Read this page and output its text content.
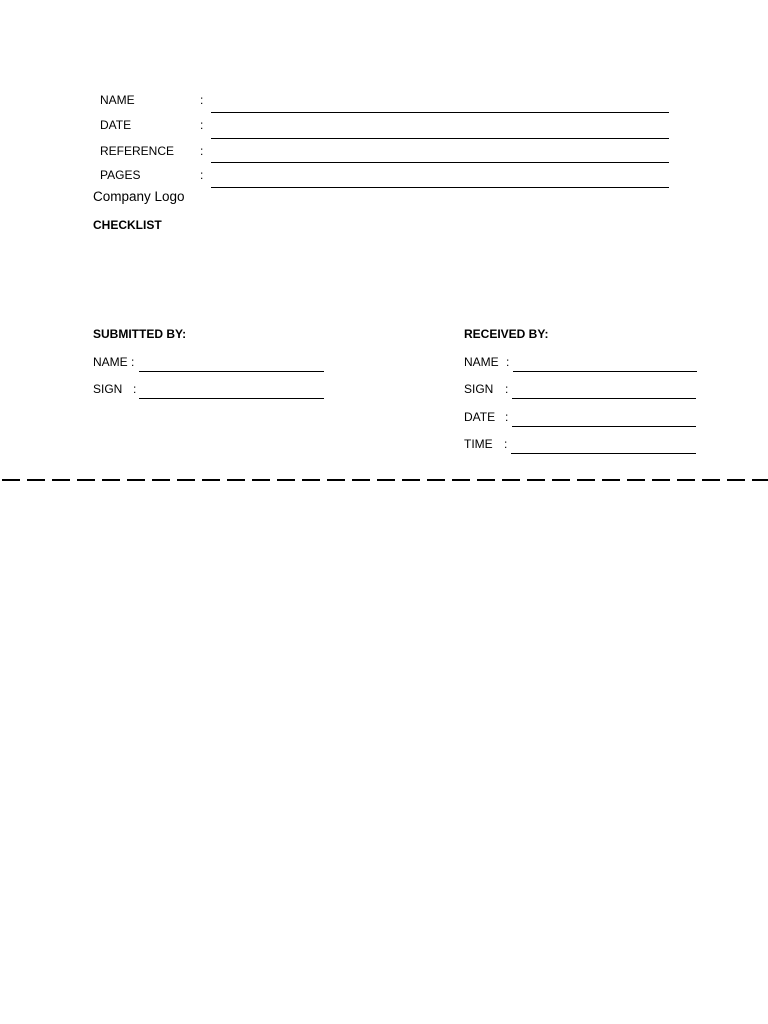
NAME	:
DATE	:
REFERENCE :
PAGES	:
Company Logo
CHECKLIST
SUBMITTED BY:
NAME :
SIGN :
RECEIVED BY:
NAME :
SIGN :
DATE :
TIME :
